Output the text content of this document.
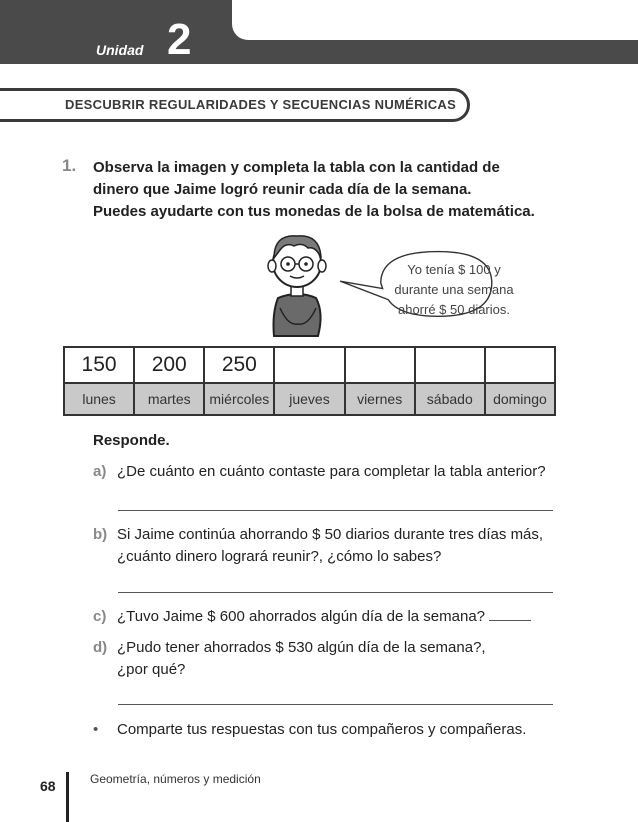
Unidad 2
DESCUBRIR REGULARIDADES Y SECUENCIAS NUMÉRICAS
1. Observa la imagen y completa la tabla con la cantidad de
dinero que Jaime logró reunir cada día de la semana.
Puedes ayudarte con tus monedas de la bolsa de matemática.
Yo tenía $ 100 y
durante una semana
ahorré $ 50 diarios.
150	200	250				
lunes	martes	miércoles	jueves	viernes	sábado	domingo
Responde.
a) ¿De cuánto en cuánto contaste para completar la tabla anterior?
b) Si Jaime continúa ahorrando $ 50 diarios durante tres días más,
¿cuánto dinero logrará reunir?, ¿cómo lo sabes?
c) ¿Tuvo Jaime $ 600 ahorrados algún día de la semana?
d) ¿Pudo tener ahorrados $ 530 algún día de la semana?,
¿por qué?
• Comparte tus respuestas con tus compañeros y compañeras.
68	Geometría, números y medición
